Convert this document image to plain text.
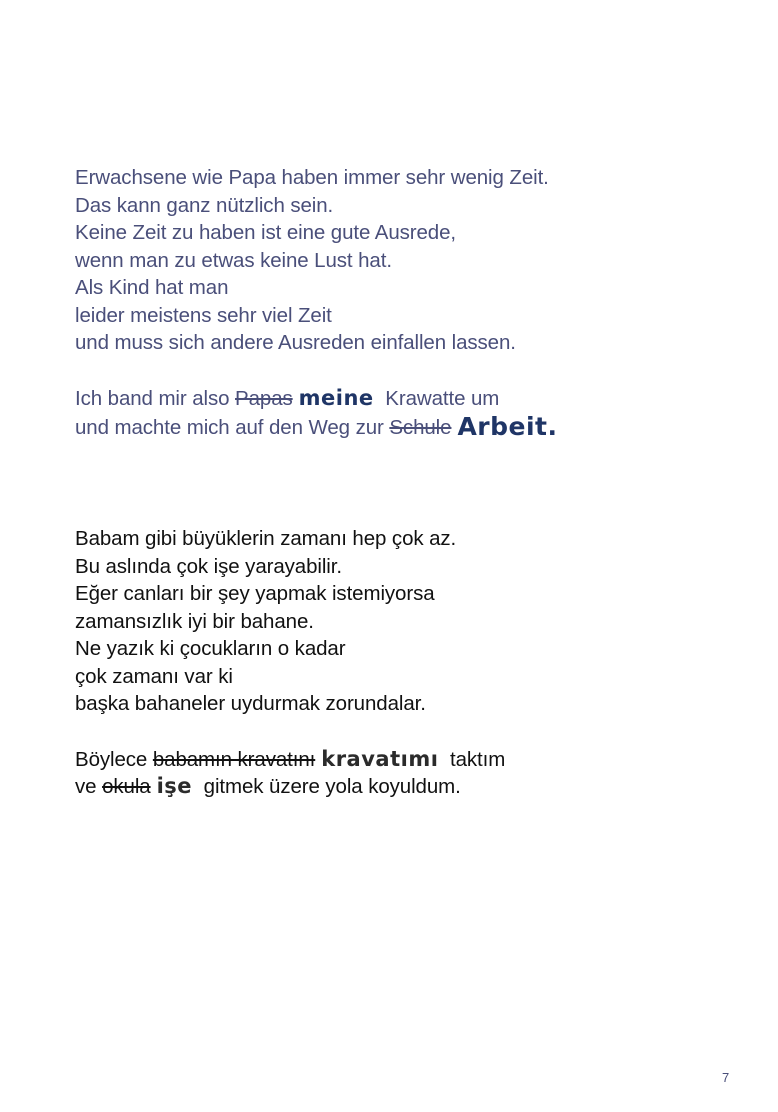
Erwachsene wie Papa haben immer sehr wenig Zeit.
Das kann ganz nützlich sein.
Keine Zeit zu haben ist eine gute Ausrede,
wenn man zu etwas keine Lust hat.
Als Kind hat man
leider meistens sehr viel Zeit
und muss sich andere Ausreden einfallen lassen.
Ich band mir also Papas meine Krawatte um
und machte mich auf den Weg zur Schule Arbeit.
Babam gibi büyüklerin zamanı hep çok az.
Bu aslında çok işe yarayabilir.
Eğer canları bir şey yapmak istemiyorsa
zamansızlık iyi bir bahane.
Ne yazık ki çocukların o kadar
çok zamanı var ki
başka bahaneler uydurmak zorundalar.
Böylece babamın kravatını kravatımı taktım
ve okula işe gitmek üzere yola koyuldum.
7
